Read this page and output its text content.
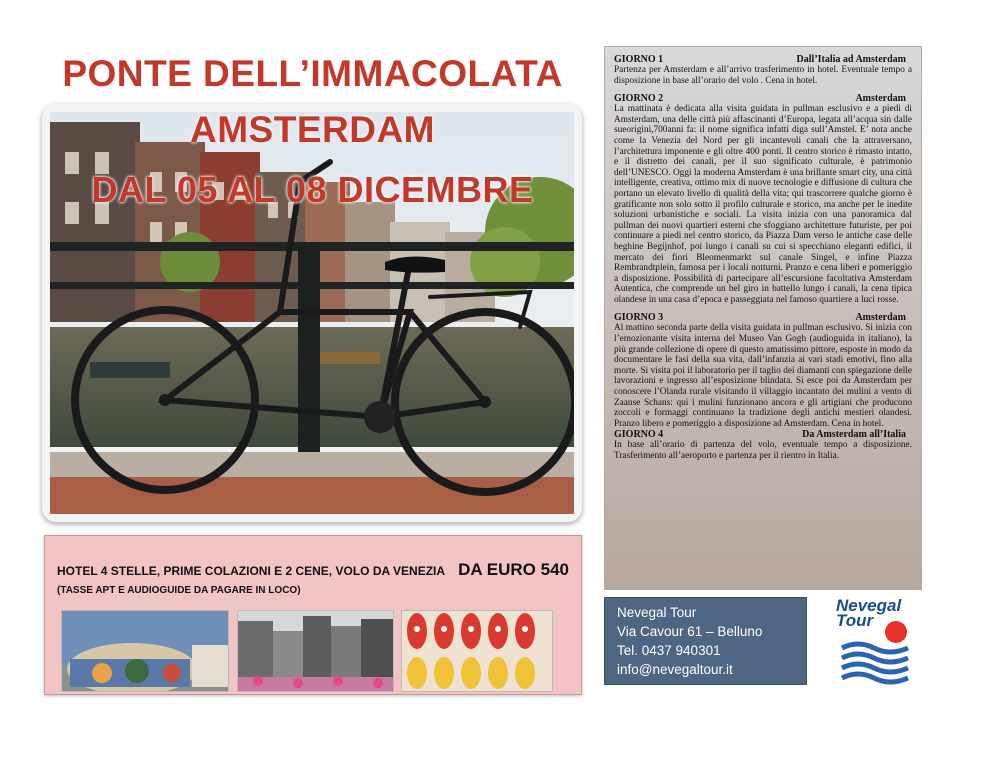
PONTE DELL’IMMACOLATA
AMSTERDAM
DAL 05 AL 08 DICEMBRE
HOTEL 4 STELLE, PRIME COLAZIONI E 2 CENE, VOLO DA VENEZIA DA EURO 540
(TASSE APT E AUDIOGUIDE DA PAGARE IN LOCO)
GIORNO 1	Dall’Italia ad Amsterdam
Partenza per Amsterdam e all’arrivo trasferimento in hotel. Eventuale tempo a disposizione in base all’orario del volo . Cena in hotel.
GIORNO 2	Amsterdam
La mattinata è dedicata alla visita guidata in pullman esclusivo e a piedi di Amsterdam, una delle città più affascinanti d’Europa, legata all’acqua sin dalle sueorigini,700anni fa: il nome significa infatti diga sull’Amstel. E’ nota anche come la Venezia del Nord per gli incantevoli canali che la attraversano, l’architettura imponente e gli oltre 400 ponti. Il centro storico è rimasto intatto, e il distretto dei canali, per il suo significato culturale, è patrimonio dell’UNESCO. Oggi la moderna Amsterdam è una brillante smart city, una città intelligente, creativa, ottimo mix di nuove tecnologie e diffusione di cultura che portano un elevato livello di qualità della vita; qui trascorrere qualche giorno è gratificante non solo sotto il profilo culturale e storico, ma anche per le inedite soluzioni urbanistiche e sociali. La visita inizia con una panoramica dal pullman dei nuovi quartieri esterni che sfoggiano architetture futuriste, per poi continuare a piedi nel centro storico, da Piazza Dam verso le antiche case delle beghine Begijnhof, poi lungo i canali su cui si specchiano eleganti edifici, il mercato dei fiori Bleomenmarkt sul canale Singel, e infine Piazza Rembrandtplein, famosa per i locali notturni. Pranzo e cena liberi e pomeriggio a disposizione. Possibilità di partecipare all’escursione facoltativa Amsterdam Autentica, che comprende un bel giro in battello lungo i canali, la cena tipica olandese in una casa d’epoca e passeggiata nel famoso quartiere a luci rosse.
GIORNO 3	Amsterdam
Al mattino seconda parte della visita guidata in pullman esclusivo. Si inizia con l’emozionante visita interna del Museo Van Gogh (audioguida in italiano), la più grande collezione di opere di questo amatissimo pittore, esposte in modo da documentare le fasi della sua vita, dall’infanzia ai vari stadi emotivi, fino alla morte. Si visita poi il laboratorio per il taglio dei diamanti con spiegazione delle lavorazioni e ingresso all’esposizione blindata. Si esce poi da Amsterdam per conoscere l’Olanda rurale visitando il villaggio incantato dei mulini a vento di Zaanse Schans: qui i mulini funzionano ancora e gli artigiani che producono zoccoli e formaggi continuano la tradizione degli antichi mestieri olandesi. Pranzo libero e pomeriggio a disposizione ad Amsterdam. Cena in hotel.
GIORNO 4	Da Amsterdam all’Italia
In base all’orario di partenza del volo, eventuale tempo a disposizione. Trasferimento all’aeroporto e partenza per il rientro in Italia.
Nevegal Tour
Via Cavour 61 – Belluno
Tel. 0437 940301
info@nevegaltour.it
Nevegal
Tour
